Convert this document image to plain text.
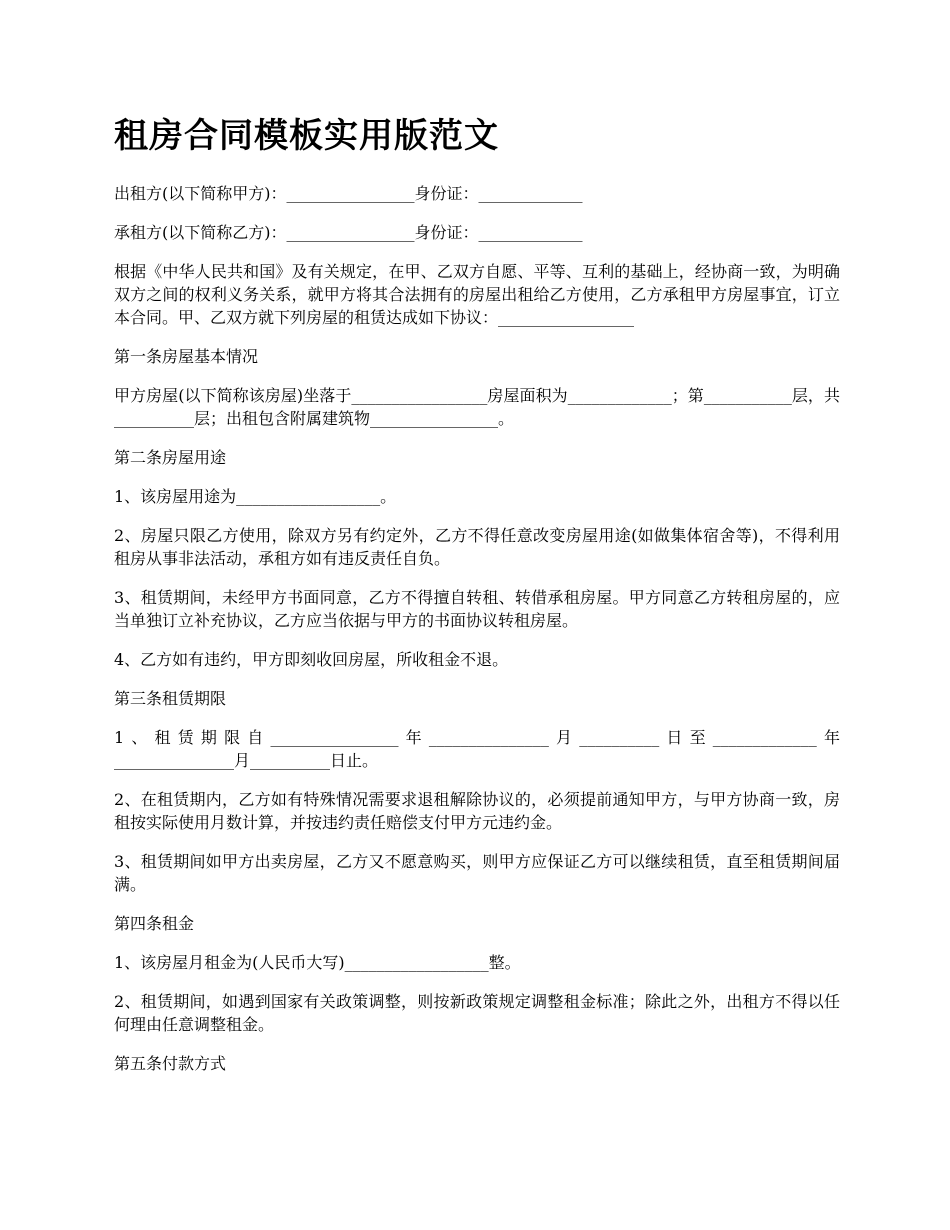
租房合同模板实用版范文

出租方(以下简称甲方)：________________身份证：_____________

承租方(以下简称乙方)：________________身份证：_____________

根据《中华人民共和国》及有关规定，在甲、乙双方自愿、平等、互利的基础上，经协商一致，为明确双方之间的权利义务关系，就甲方将其合法拥有的房屋出租给乙方使用，乙方承租甲方房屋事宜，订立本合同。甲、乙双方就下列房屋的租赁达成如下协议：_________________

第一条房屋基本情况

甲方房屋(以下简称该房屋)坐落于_________________房屋面积为_____________；第___________层，共__________层；出租包含附属建筑物________________。

第二条房屋用途

1、该房屋用途为__________________。

2、房屋只限乙方使用，除双方另有约定外，乙方不得任意改变房屋用途(如做集体宿舍等)，不得利用租房从事非法活动，承租方如有违反责任自负。

3、租赁期间，未经甲方书面同意，乙方不得擅自转租、转借承租房屋。甲方同意乙方转租房屋的，应当单独订立补充协议，乙方应当依据与甲方的书面协议转租房屋。

4、乙方如有违约，甲方即刻收回房屋，所收租金不退。

第三条租赁期限

1、租赁期限自________________年_______________月__________日至_____________年_______________月__________日止。

2、在租赁期内，乙方如有特殊情况需要求退租解除协议的，必须提前通知甲方，与甲方协商一致，房租按实际使用月数计算，并按违约责任赔偿支付甲方元违约金。

3、租赁期间如甲方出卖房屋，乙方又不愿意购买，则甲方应保证乙方可以继续租赁，直至租赁期间届满。

第四条租金

1、该房屋月租金为(人民币大写)__________________整。

2、租赁期间，如遇到国家有关政策调整，则按新政策规定调整租金标准；除此之外，出租方不得以任何理由任意调整租金。

第五条付款方式
